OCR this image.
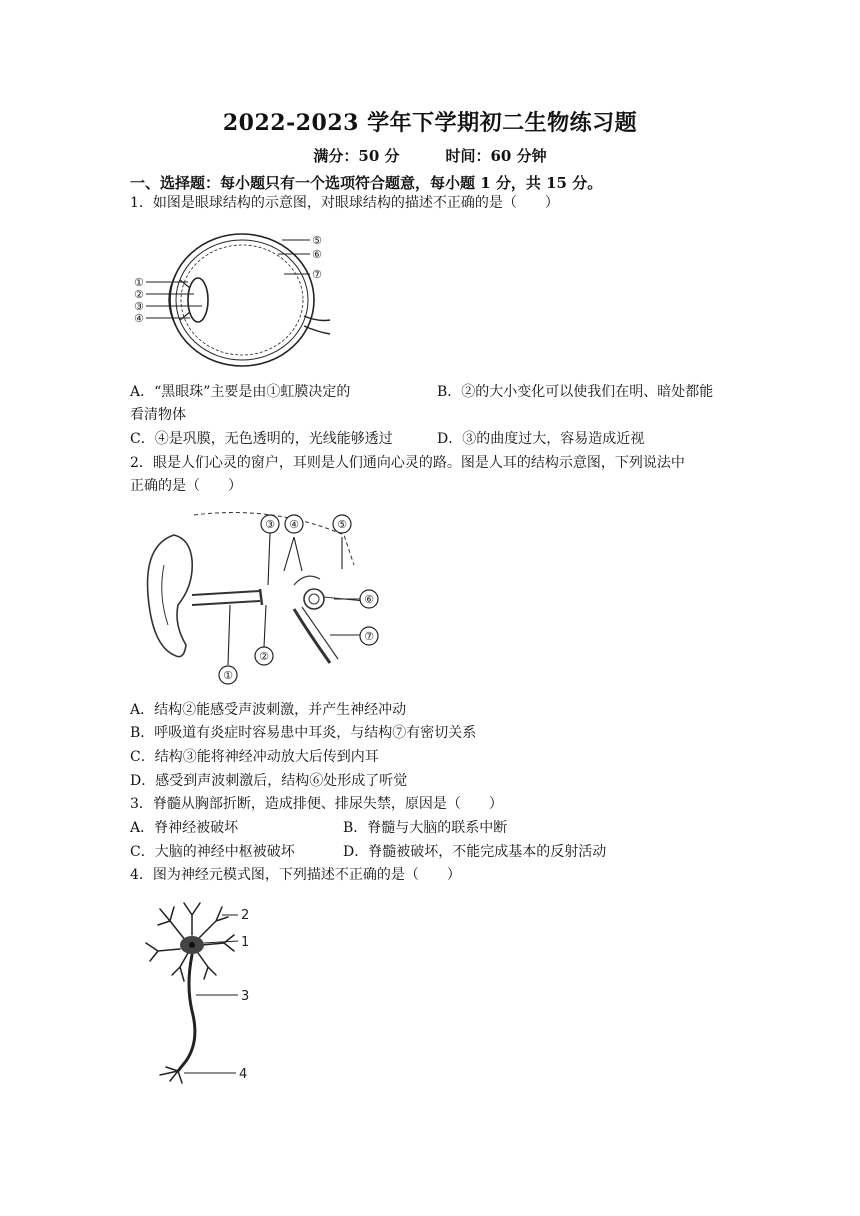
2022-2023 学年下学期初二生物练习题
满分：50 分	时间：60 分钟
一、选择题：每小题只有一个选项符合题意，每小题 1 分，共 15 分。
1．如图是眼球结构的示意图，对眼球结构的描述不正确的是（　　）
①
②
③
④
⑤
⑥
⑦
A．“黑眼珠”主要是由①虹膜决定的	B．②的大小变化可以使我们在明、暗处都能
看清物体
C．④是巩膜，无色透明的，光线能够透过	D．③的曲度过大，容易造成近视
2．眼是人们心灵的窗户，耳则是人们通向心灵的路。图是人耳的结构示意图，下列说法中
正确的是（　　）
③ ④	⑤
⑥
⑦
②
①
A．结构②能感受声波刺激，并产生神经冲动
B．呼吸道有炎症时容易患中耳炎，与结构⑦有密切关系
C．结构③能将神经冲动放大后传到内耳
D．感受到声波刺激后，结构⑥处形成了听觉
3．脊髓从胸部折断，造成排便、排尿失禁，原因是（　　）
A．脊神经被破坏	B．脊髓与大脑的联系中断
C．大脑的神经中枢被破坏	D．脊髓被破坏，不能完成基本的反射活动
4．图为神经元模式图，下列描述不正确的是（　　）
2
1
3
4
